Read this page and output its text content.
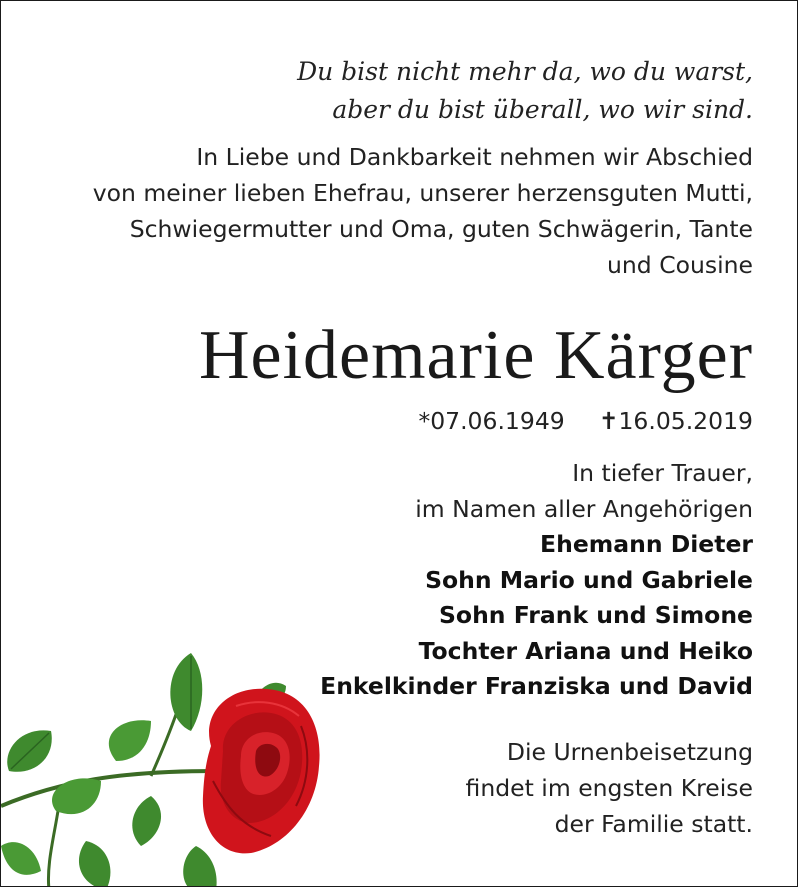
Du bist nicht mehr da, wo du warst,
aber du bist überall, wo wir sind.
In Liebe und Dankbarkeit nehmen wir Abschied
von meiner lieben Ehefrau, unserer herzensguten Mutti,
Schwiegermutter und Oma, guten Schwägerin, Tante
und Cousine
Heidemarie Kärger
*07.06.1949 ✝16.05.2019
In tiefer Trauer,
im Namen aller Angehörigen
Ehemann Dieter
Sohn Mario und Gabriele
Sohn Frank und Simone
Tochter Ariana und Heiko
Enkelkinder Franziska und David
Die Urnenbeisetzung
findet im engsten Kreise
der Familie statt.
